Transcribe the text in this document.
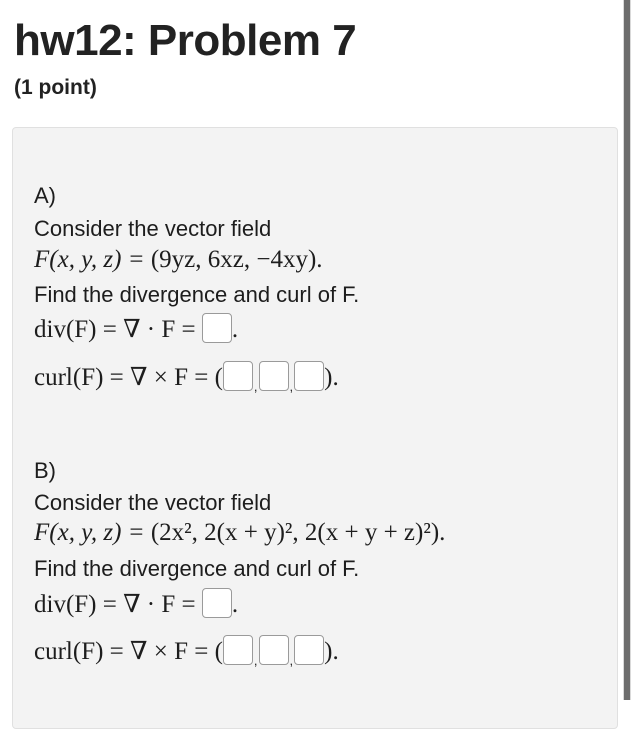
hw12: Problem 7
(1 point)
A)
Consider the vector field
F(x, y, z) = (9yz, 6xz, −4xy).
Find the divergence and curl of F.
div(F) = ∇ · F = .
curl(F) = ∇ × F = ( $_,$ $_,$ ).
B)
Consider the vector field
F(x, y, z) = (2x², 2(x + y)², 2(x + y + z)²).
Find the divergence and curl of F.
div(F) = ∇ · F = .
curl(F) = ∇ × F = ( $_,$ $_,$ ).
